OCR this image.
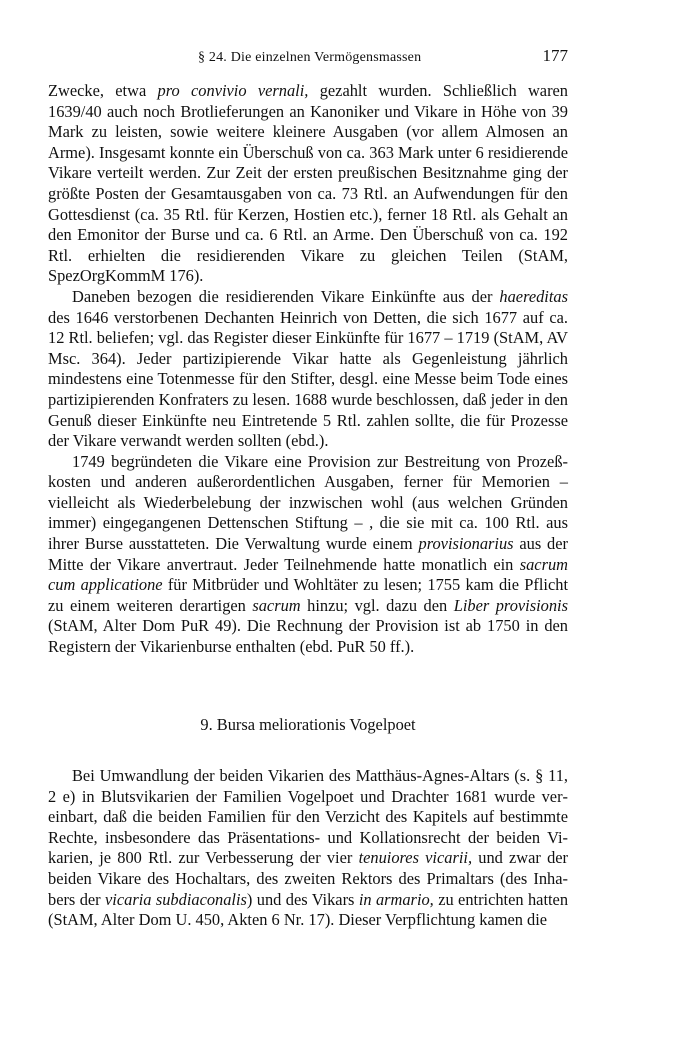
§ 24. Die einzelnen Vermögensmassen	177

Zwecke, etwa pro convivio vernali, gezahlt wurden. Schließlich waren 1639/40 auch noch Brotlieferungen an Kanoniker und Vikare in Höhe von 39 Mark zu leisten, sowie weitere kleinere Ausgaben (vor allem Almosen an Arme). Insgesamt konnte ein Überschuß von ca. 363 Mark unter 6 residierende Vikare verteilt werden. Zur Zeit der ersten preußischen Besitznahme ging der größte Posten der Gesamtausgaben von ca. 73 Rtl. an Aufwendungen für den Gottesdienst (ca. 35 Rtl. für Kerzen, Hostien etc.), ferner 18 Rtl. als Gehalt an den Emonitor der Burse und ca. 6 Rtl. an Arme. Den Überschuß von ca. 192 Rtl. erhielten die residierenden Vikare zu gleichen Teilen (StAM, SpezOrgKommM 176).

Daneben bezogen die residierenden Vikare Einkünfte aus der haereditas des 1646 verstorbenen Dechanten Heinrich von Detten, die sich 1677 auf ca. 12 Rtl. beliefen; vgl. das Register dieser Einkünfte für 1677 – 1719 (StAM, AV Msc. 364). Jeder partizipierende Vikar hatte als Gegenleistung jährlich mindestens eine Totenmesse für den Stifter, desgl. eine Messe beim Tode eines partizipierenden Konfraters zu lesen. 1688 wurde beschlossen, daß jeder in den Genuß dieser Einkünfte neu Eintretende 5 Rtl. zahlen sollte, die für Prozesse der Vikare verwandt werden sollten (ebd.).

1749 begründeten die Vikare eine Provision zur Bestreitung von Prozeßkosten und anderen außerordentlichen Ausgaben, ferner für Memorien – vielleicht als Wiederbelebung der inzwischen wohl (aus welchen Gründen immer) eingegangenen Dettenschen Stiftung – , die sie mit ca. 100 Rtl. aus ihrer Burse ausstatteten. Die Verwaltung wurde einem provisionarius aus der Mitte der Vikare anvertraut. Jeder Teilnehmende hatte monatlich ein sacrum cum applicatione für Mitbrüder und Wohltäter zu lesen; 1755 kam die Pflicht zu einem weiteren derartigen sacrum hinzu; vgl. dazu den Liber provisionis (StAM, Alter Dom PuR 49). Die Rechnung der Provision ist ab 1750 in den Registern der Vikarienburse enthalten (ebd. PuR 50 ff.).

9. Bursa meliorationis Vogelpoet

Bei Umwandlung der beiden Vikarien des Matthäus-Agnes-Altars (s. § 11, 2 e) in Blutsvikarien der Familien Vogelpoet und Drachter 1681 wurde vereinbart, daß die beiden Familien für den Verzicht des Kapitels auf bestimmte Rechte, insbesondere das Präsentations- und Kollationsrecht der beiden Vikarien, je 800 Rtl. zur Verbesserung der vier tenuiores vicarii, und zwar der beiden Vikare des Hochaltars, des zweiten Rektors des Primaltars (des Inhabers der vicaria subdiaconalis) und des Vikars in armario, zu entrichten hatten (StAM, Alter Dom U. 450, Akten 6 Nr. 17). Dieser Verpflichtung kamen die
